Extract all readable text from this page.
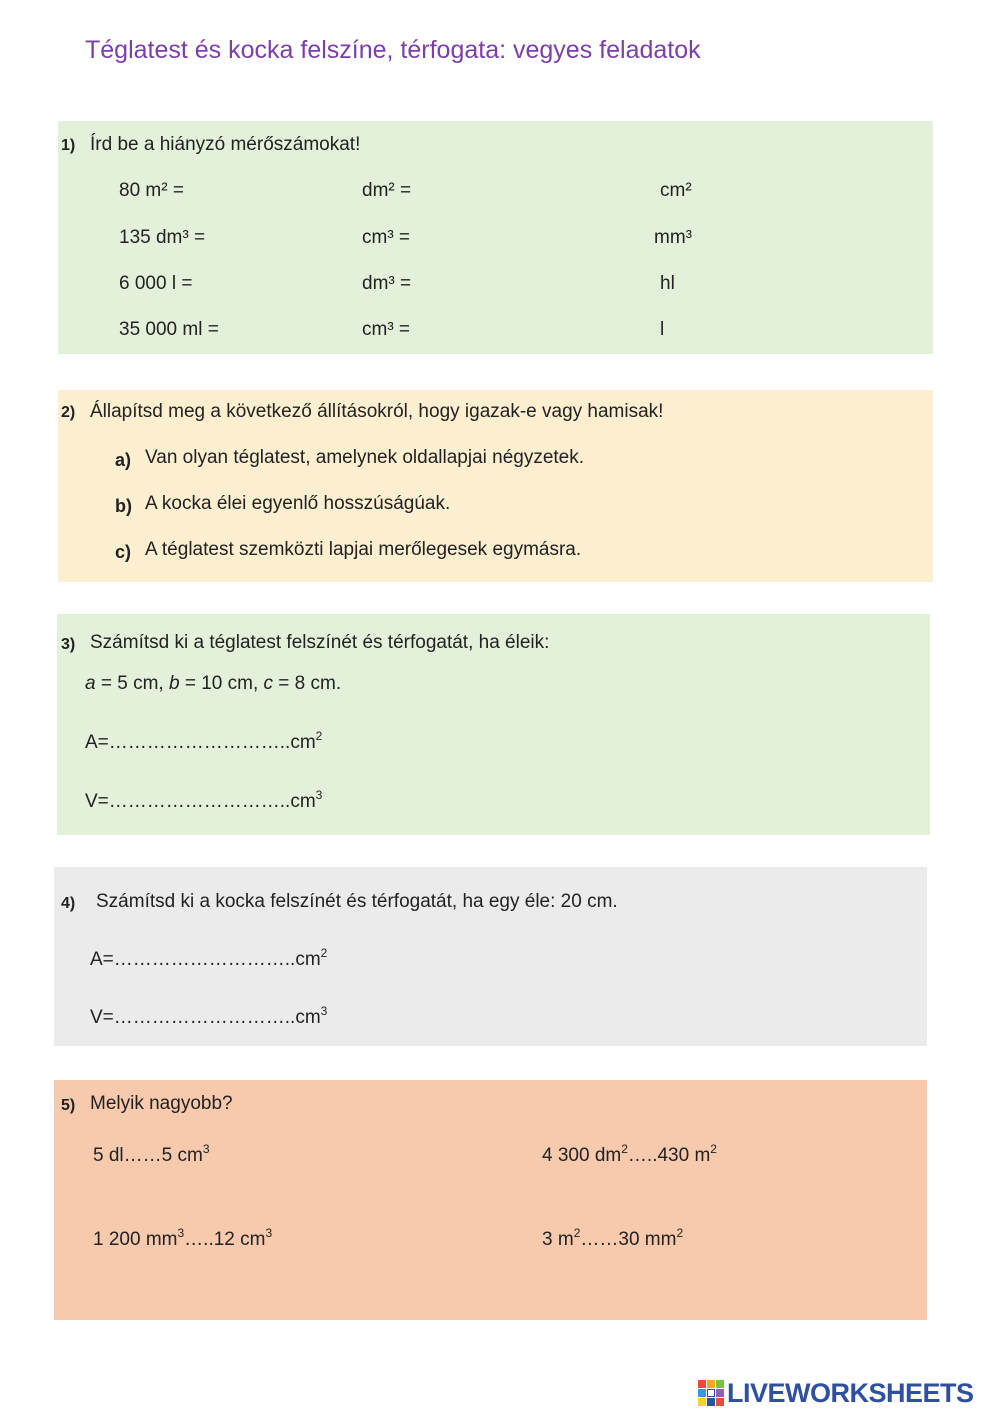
Téglatest és kocka felszíne, térfogata: vegyes feladatok
1) Írd be a hiányzó mérőszámokat!
80 m² =	dm² =	cm²
135 dm³ =	cm³ =	mm³
6 000 l =	dm³ =	hl
35 000 ml =	cm³ =	l
2) Állapítsd meg a következő állításokról, hogy igazak-e vagy hamisak!
a) Van olyan téglatest, amelynek oldallapjai négyzetek.
b) A kocka élei egyenlő hosszúságúak.
c) A téglatest szemközti lapjai merőlegesek egymásra.
3) Számítsd ki a téglatest felszínét és térfogatát, ha éleik:
a = 5 cm, b = 10 cm, c = 8 cm.
$A=\dots\dots\dots\dots\dots\dots\dots\dots\dots..cm^2$
$V=\dots\dots\dots\dots\dots\dots\dots\dots\dots..cm^3$
4) Számítsd ki a kocka felszínét és térfogatát, ha egy éle: 20 cm.
$A=\dots\dots\dots\dots\dots\dots\dots\dots\dots..cm^2$
$V=\dots\dots\dots\dots\dots\dots\dots\dots\dots..cm^3$
5) Melyik nagyobb?
5 dl……5 $cm^3$	4 300 $dm^2\dots..430$ $m^2$
1 200 $mm^3\dots..12$ $cm^3$	3 $m^2\dots\dots 30$ $mm^2$
LIVEWORKSHEETS
